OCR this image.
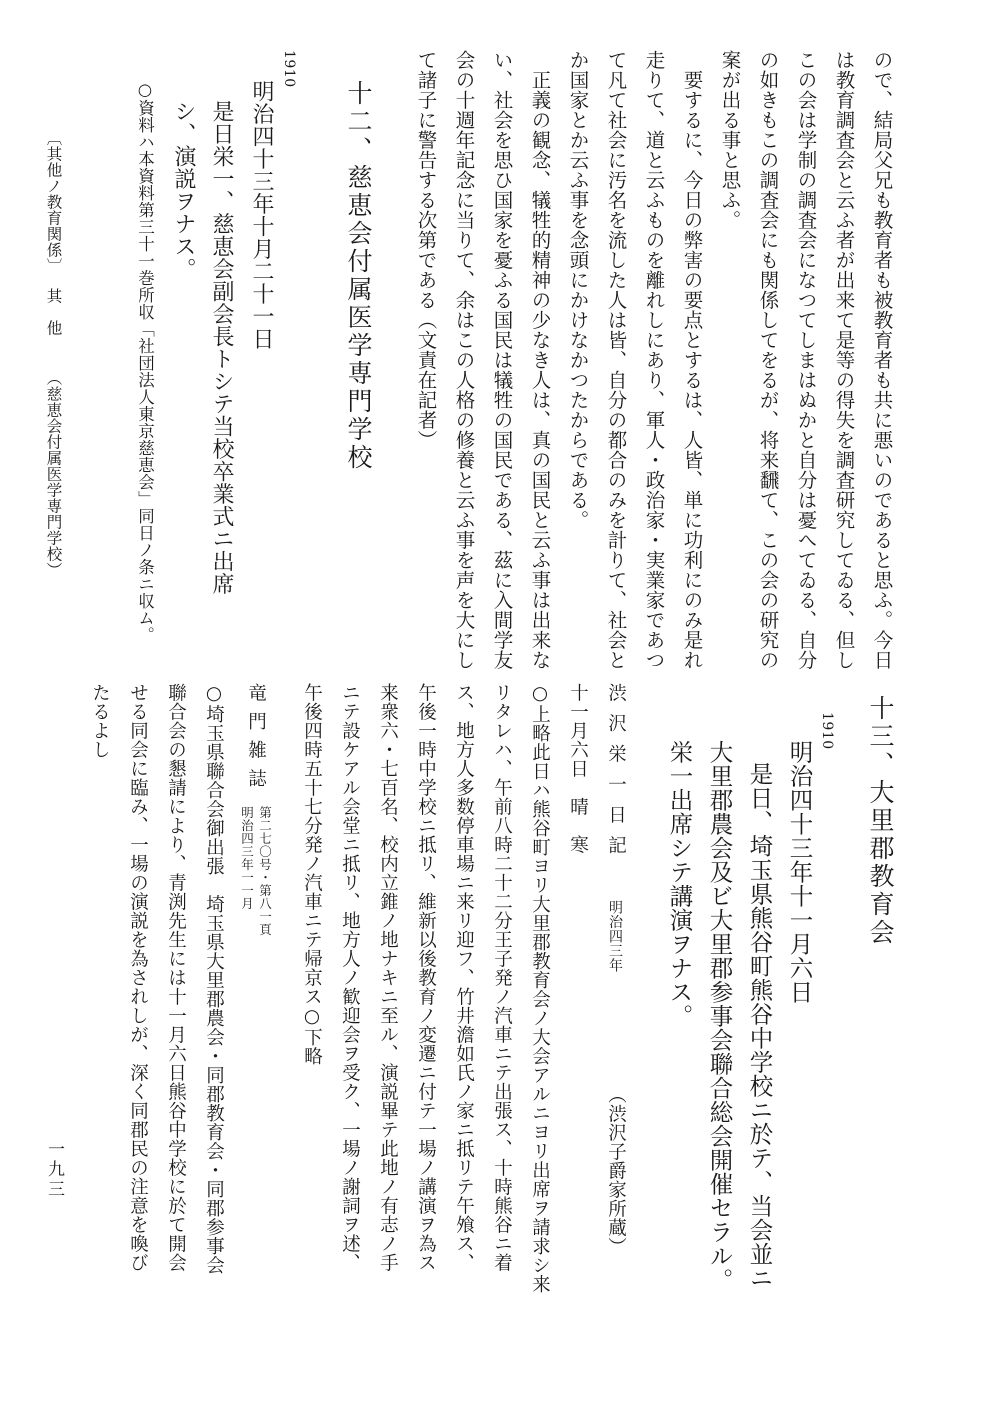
ので、結局父兄も教育者も被教育者も共に悪いのであると思ふ。今日
は教育調査会と云ふ者が出来て是等の得失を調査研究してゐる、但し
この会は学制の調査会になつてしまはぬかと自分は憂へてゐる、自分
の如きもこの調査会にも関係してをるが、将来飜て、この会の研究の
案が出る事と思ふ。
　要するに、今日の弊害の要点とするは、人皆、単に功利にのみ是れ
走りて、道と云ふものを離れしにあり、軍人・政治家・実業家であつ
て凡て社会に汚名を流した人は皆、自分の都合のみを計りて、社会と
か国家とか云ふ事を念頭にかけなかつたからである。
　正義の観念、犠牲的精神の少なき人は、真の国民と云ふ事は出来な
い、社会を思ひ国家を憂ふる国民は犠牲の国民である、茲に入間学友
会の十週年記念に当りて、余はこの人格の修養と云ふ事を声を大にし
て諸子に警告する次第である（文責在記者）
十二、慈恵会付属医学専門学校
1910
明治四十三年十月二十一日
是日栄一、慈恵会副会長トシテ当校卒業式ニ出席
シ、演説ヲナス。
○資料ハ本資料第三十一巻所収「社団法人東京慈恵会」同日ノ条ニ収ム。
〔其他ノ教育関係〕
其　他
（慈恵会付属医学専門学校）
十三、大里郡教育会
1910
明治四十三年十一月六日
是日、埼玉県熊谷町熊谷中学校ニ於テ、当会並ニ
大里郡農会及ビ大里郡参事会聯合総会開催セラル。
栄一出席シテ講演ヲナス。
渋沢栄一日記
明治四三年
（渋沢子爵家所蔵）
十一月六日　晴　寒
○上略此日ハ熊谷町ヨリ大里郡教育会ノ大会アルニヨリ出席ヲ請求シ来
リタレハ、午前八時二十二分王子発ノ汽車ニテ出張ス、十時熊谷ニ着
ス、地方人多数停車場ニ来リ迎フ、竹井澹如氏ノ家ニ抵リテ午飧ス、
午後一時中学校ニ抵リ、維新以後教育ノ変遷ニ付テ一場ノ講演ヲ為ス
来衆六・七百名、校内立錐ノ地ナキニ至ル、演説畢テ此地ノ有志ノ手
ニテ設ケアル会堂ニ抵リ、地方人ノ歓迎会ヲ受ク、一場ノ謝詞ヲ述、
午後四時五十七分発ノ汽車ニテ帰京ス○下略
竜門雑誌
第二七〇号・第八一頁
明治四三年一一月
○埼玉県聯合会御出張　埼玉県大里郡農会・同郡教育会・同郡参事会
聯合会の懇請により、青渕先生には十一月六日熊谷中学校に於て開会
せる同会に臨み、一場の演説を為されしが、深く同郡民の注意を喚び
たるよし
一九三
